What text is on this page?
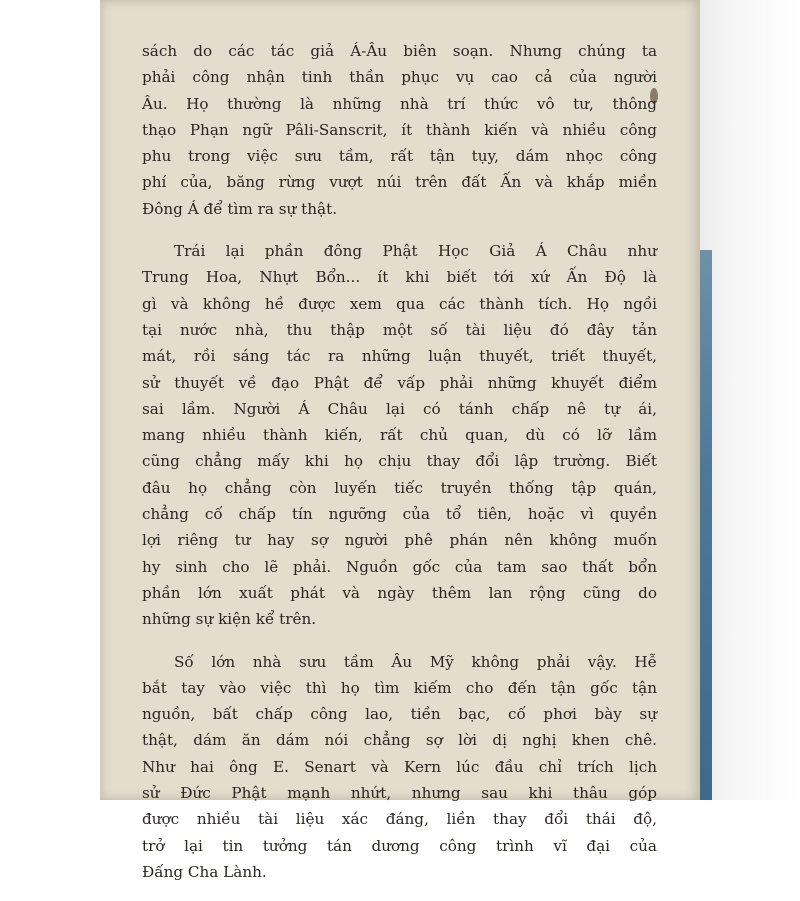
sách do các tác giả Á-Âu biên soạn. Nhưng chúng ta
phải công nhận tinh thần phục vụ cao cả của người
Âu. Họ thường là những nhà trí thức vô tư, thông
thạo Phạn ngữ Pâli-Sanscrit, ít thành kiến và nhiều công
phu trong việc sưu tầm, rất tận tụy, dám nhọc công
phí của, băng rừng vượt núi trên đất Ấn và khắp miền
Đông Á để tìm ra sự thật.
Trái lại phần đông Phật Học Giả Á Châu như
Trung Hoa, Nhựt Bổn... ít khi biết tới xứ Ấn Độ là
gì và không hề được xem qua các thành tích. Họ ngồi
tại nước nhà, thu thập một số tài liệu đó đây tản
mát, rồi sáng tác ra những luận thuyết, triết thuyết,
sử thuyết về đạo Phật để vấp phải những khuyết điểm
sai lầm. Người Á Châu lại có tánh chấp nê tự ái,
mang nhiều thành kiến, rất chủ quan, dù có lỡ lầm
cũng chẳng mấy khi họ chịu thay đổi lập trường. Biết
đâu họ chẳng còn luyến tiếc truyền thống tập quán,
chẳng cố chấp tín ngưỡng của tổ tiên, hoặc vì quyền
lợi riêng tư hay sợ người phê phán nên không muốn
hy sinh cho lẽ phải. Nguồn gốc của tam sao thất bổn
phần lớn xuất phát và ngày thêm lan rộng cũng do
những sự kiện kể trên.
Số lớn nhà sưu tầm Âu Mỹ không phải vậy. Hễ
bắt tay vào việc thì họ tìm kiếm cho đến tận gốc tận
nguồn, bất chấp công lao, tiền bạc, cố phơi bày sự
thật, dám ăn dám nói chẳng sợ lời dị nghị khen chê.
Như hai ông E. Senart và Kern lúc đầu chỉ trích lịch
sử Đức Phật mạnh nhứt, nhưng sau khi thâu góp
được nhiều tài liệu xác đáng, liền thay đổi thái độ,
trở lại tin tưởng tán dương công trình vĩ đại của
Đấng Cha Lành.
